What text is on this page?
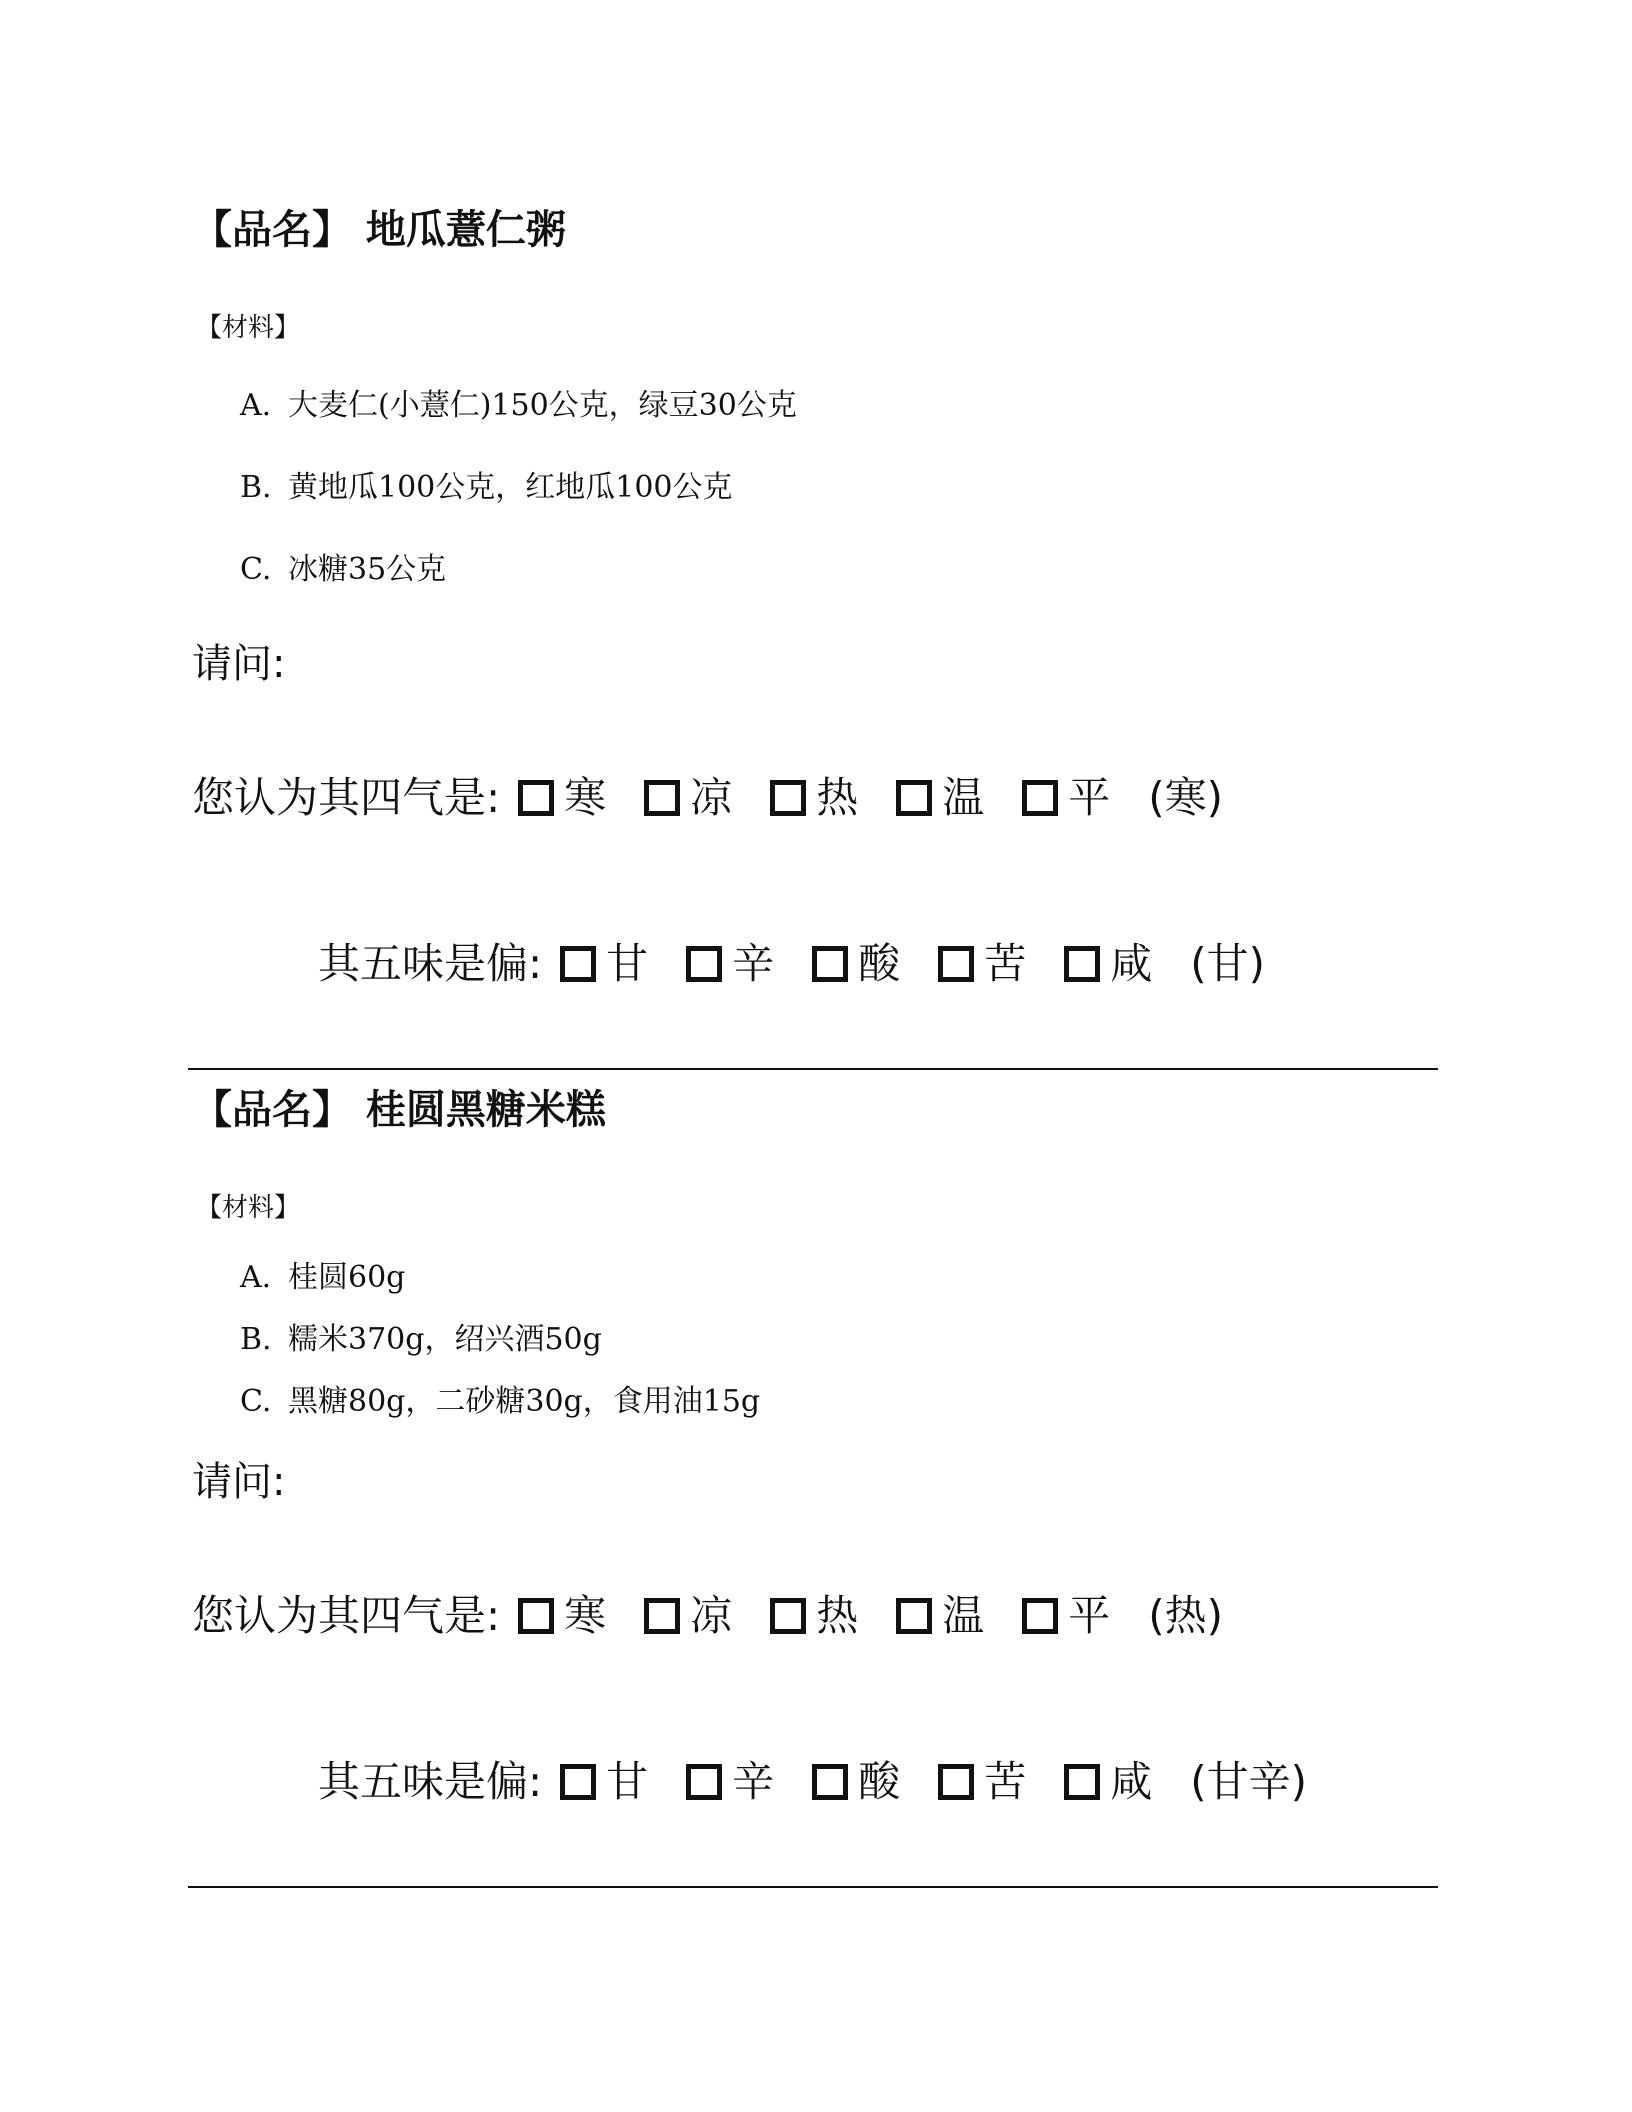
【品名】 地瓜薏仁粥
【材料】
A. 大麦仁(小薏仁)150公克，绿豆30公克
B. 黄地瓜100公克，红地瓜100公克
C. 冰糖35公克
请问:
您认为其四气是: 寒 凉 热 温 平 (寒)
其五味是偏: 甘 辛 酸 苦 咸 (甘)
【品名】 桂圆黑糖米糕
【材料】
A. 桂圆60g
B. 糯米370g，绍兴酒50g
C. 黑糖80g，二砂糖30g，食用油15g
请问:
您认为其四气是: 寒 凉 热 温 平 (热)
其五味是偏: 甘 辛 酸 苦 咸 (甘辛)
